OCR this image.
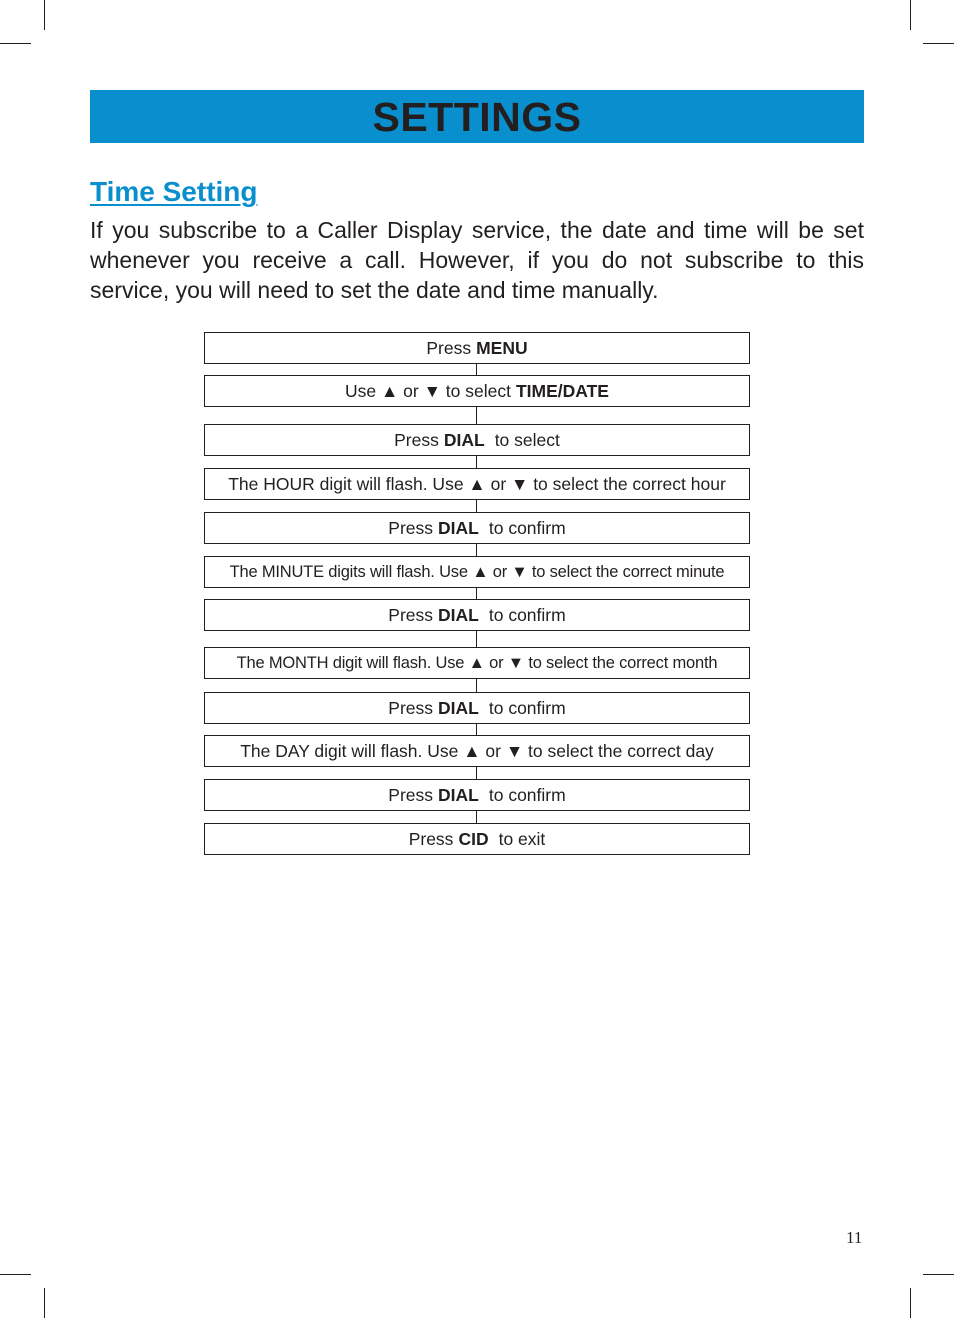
SETTINGS
Time Setting

If you subscribe to a Caller Display service, the date and time will be set whenever you receive a call. However, if you do not subscribe to this service, you will need to set the date and time manually.

Press MENU
Use ▲ or ▼ to select TIME/DATE
Press DIAL to select
The HOUR digit will flash. Use ▲ or ▼ to select the correct hour
Press DIAL to confirm
The MINUTE digits will flash. Use ▲ or ▼ to select the correct minute
Press DIAL to confirm
The MONTH digit will flash. Use ▲ or ▼ to select the correct month
Press DIAL to confirm
The DAY digit will flash. Use ▲ or ▼ to select the correct day
Press DIAL to confirm
Press CID to exit
11
